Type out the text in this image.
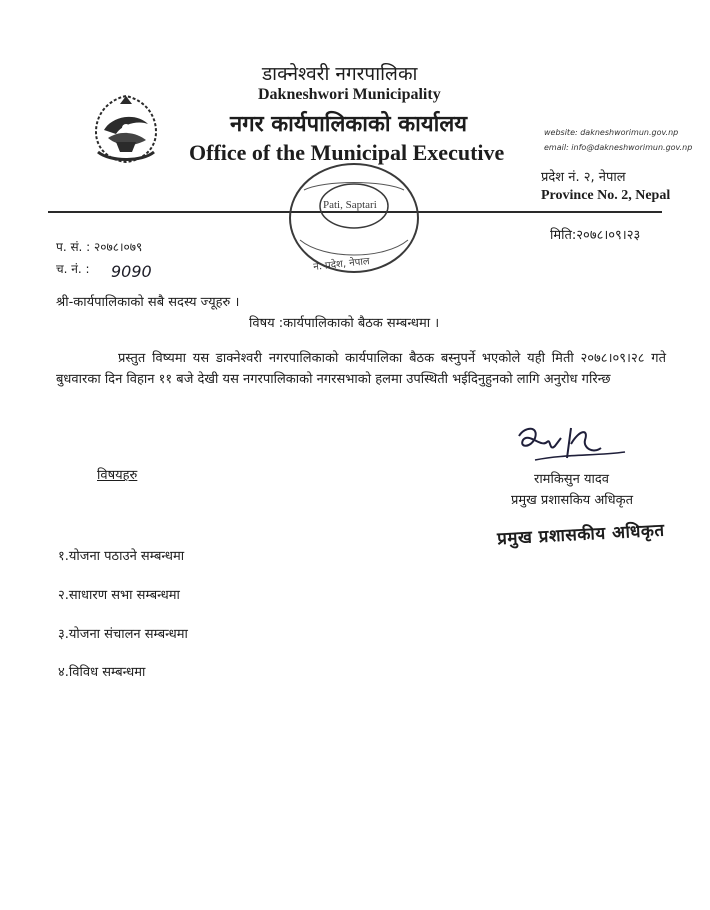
डाक्नेश्वरी नगरपालिका
Dakneshwori Municipality
नगर कार्यपालिकाको कार्यालय
Office of the Municipal Executive
website: dakneshworimun.gov.np
email: info@dakneshworimun.gov.np
प्रदेश नं. २, नेपाल
Province No. 2, Nepal
Pati, Saptari
नं. प्रदेश, नेपाल
प. सं. : २०७८।०७९
च. नं. : 9090
मिति:२०७८।०९।२३
श्री-कार्यपालिकाको सबै सदस्य ज्यूहरु ।
विषय :कार्यपालिकाको बैठक सम्बन्धमा ।
प्रस्तुत विष्यमा यस डाक्नेश्वरी नगरपालिकाको कार्यपालिका बैठक बस्नुपर्ने भएकोले यही मिती २०७८।०९।२८ गते बुधवारका दिन विहान ११ बजे देखी यस नगरपालिकाको नगरसभाको हलमा उपस्थिती भईदिनुहुनको लागि अनुरोध गरिन्छ
रामकिसुन यादव
प्रमुख प्रशासकिय अधिकृत
प्रमुख प्रशासकीय अधिकृत
विषयहरु
१.योजना पठाउने सम्बन्धमा
२.साधारण सभा सम्बन्धमा
३.योजना संचालन सम्बन्धमा
४.विविध सम्बन्धमा
